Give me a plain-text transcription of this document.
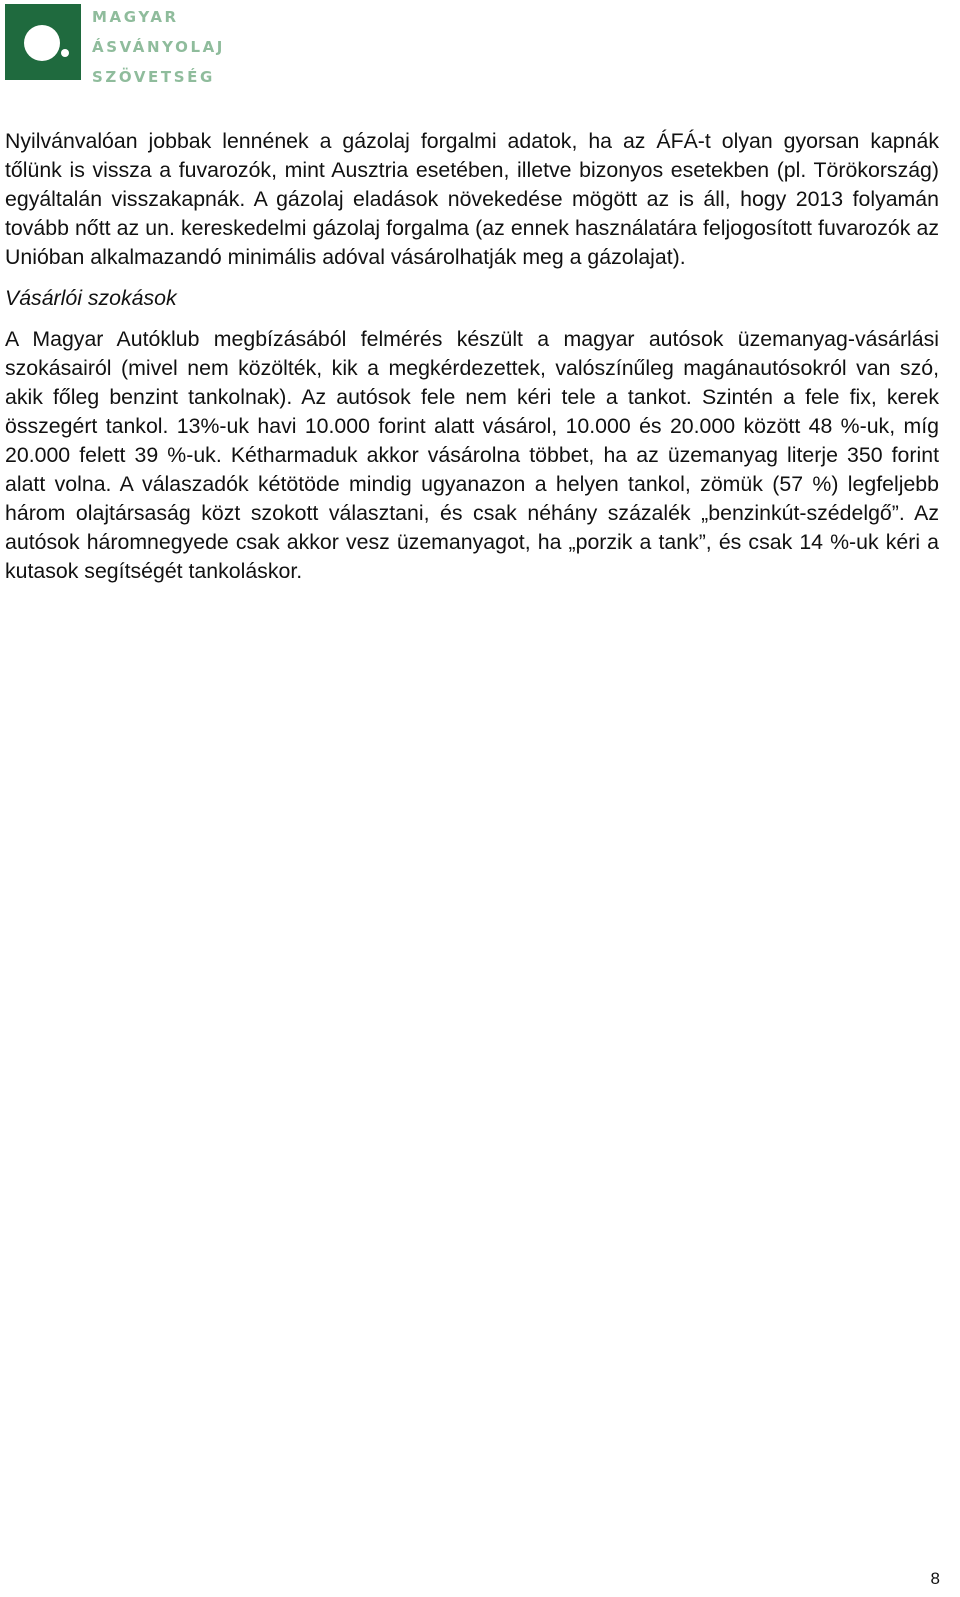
MAGYAR
ÁSVÁNYOLAJ
SZÖVETSÉG

Nyilvánvalóan jobbak lennének a gázolaj forgalmi adatok, ha az ÁFÁ-t olyan gyorsan kapnák tőlünk is vissza a fuvarozók, mint Ausztria esetében, illetve bizonyos esetekben (pl. Törökország) egyáltalán visszakapnák. A gázolaj eladások növekedése mögött az is áll, hogy 2013 folyamán tovább nőtt az un. kereskedelmi gázolaj forgalma (az ennek használatára feljogosított fuvarozók az Unióban alkalmazandó minimális adóval vásárolhatják meg a gázolajat).

Vásárlói szokások

A Magyar Autóklub megbízásából felmérés készült a magyar autósok üzemanyag-vásárlási szokásairól (mivel nem közölték, kik a megkérdezettek, valószínűleg magánautósokról van szó, akik főleg benzint tankolnak). Az autósok fele nem kéri tele a tankot. Szintén a fele fix, kerek összegért tankol. 13%-uk havi 10.000 forint alatt vásárol, 10.000 és 20.000 között 48 %-uk, míg 20.000 felett 39 %-uk. Kétharmaduk akkor vásárolna többet, ha az üzemanyag literje 350 forint alatt volna. A válaszadók kétötöde mindig ugyanazon a helyen tankol, zömük (57 %) legfeljebb három olajtársaság közt szokott választani, és csak néhány százalék „benzinkút-szédelgő”. Az autósok háromnegyede csak akkor vesz üzemanyagot, ha „porzik a tank”, és csak 14 %-uk kéri a kutasok segítségét tankoláskor.

8
